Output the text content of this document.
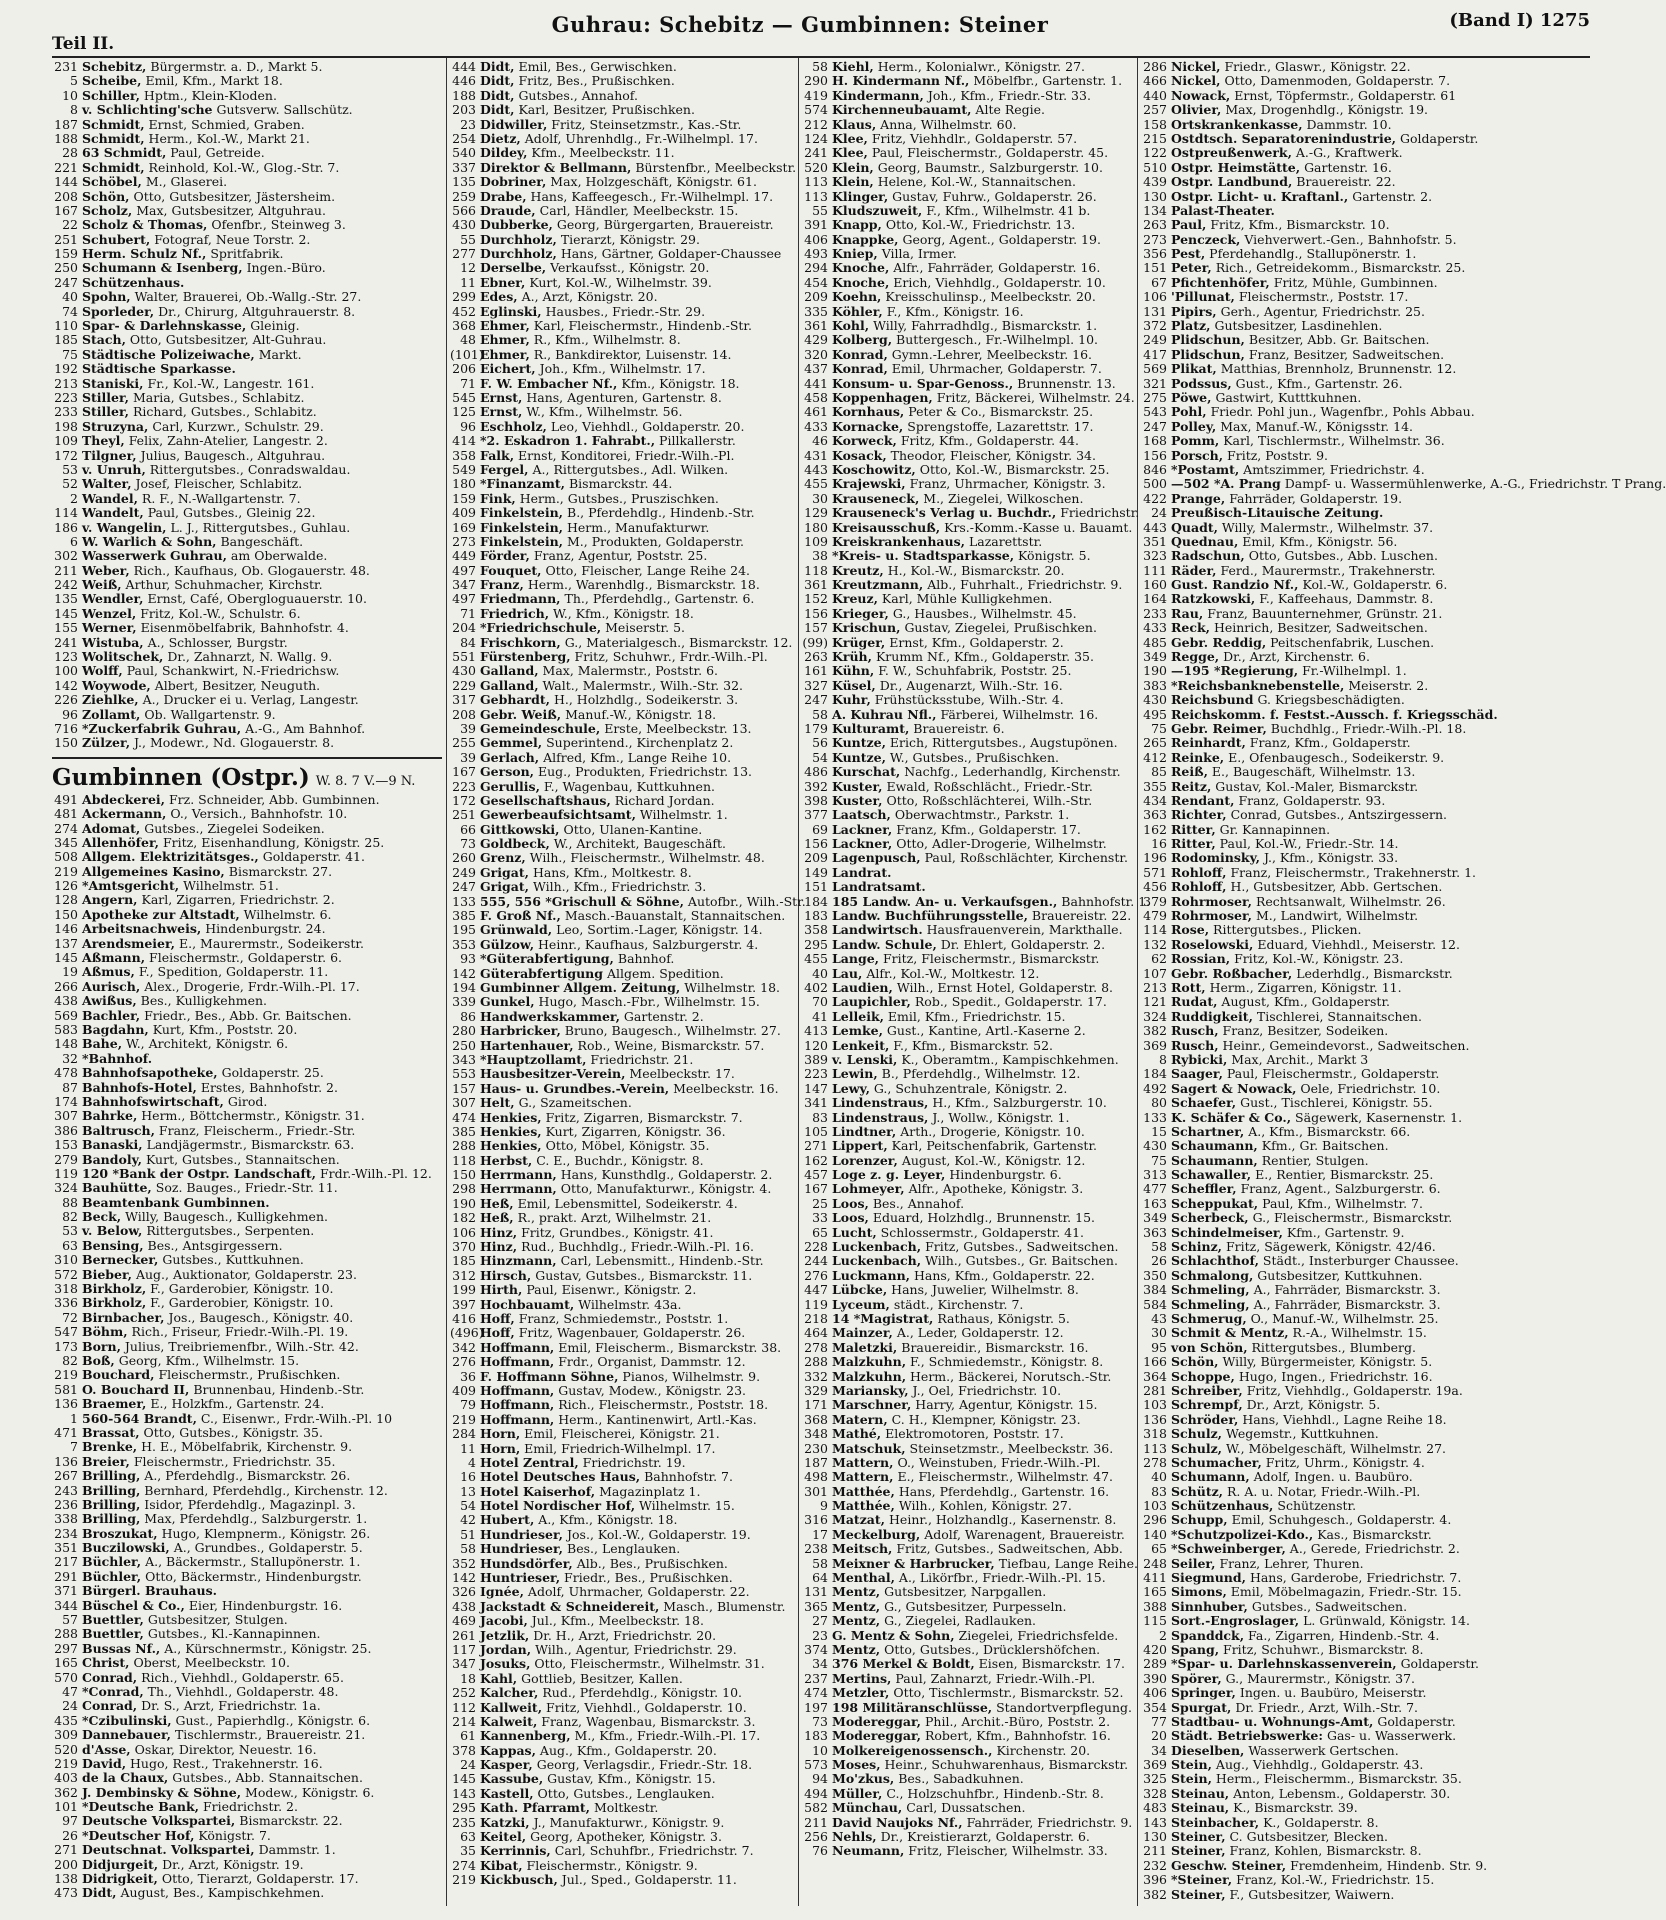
Teil II.
Guhrau: Schebitz — Gumbinnen: Steiner	(Band I) 1275
231 Schebitz, Bürgermstr. a. D., Markt 5.
5 Scheibe, Emil, Kfm., Markt 18.
10 Schiller, Hptm., Klein-Kloden.
8 v. Schlichting'sche Gutsverw. Sallschütz.
187 Schmidt, Ernst, Schmied, Graben.
188 Schmidt, Herm., Kol.-W., Markt 21.
28 63 Schmidt, Paul, Getreide.
221 Schmidt, Reinhold, Kol.-W., Glog.-Str. 7.
144 Schöbel, M., Glaserei.
208 Schön, Otto, Gutsbesitzer, Jästersheim.
167 Scholz, Max, Gutsbesitzer, Altguhrau.
22 Scholz & Thomas, Ofenfbr., Steinweg 3.
251 Schubert, Fotograf, Neue Torstr. 2.
159 Herm. Schulz Nf., Spritfabrik.
250 Schumann & Isenberg, Ingen.-Büro.
247 Schützenhaus.
40 Spohn, Walter, Brauerei, Ob.-Wallg.-Str. 27.
74 Sporleder, Dr., Chirurg, Altguhrauerstr. 8.
110 Spar- & Darlehnskasse, Gleinig.
185 Stach, Otto, Gutsbesitzer, Alt-Guhrau.
75 Städtische Polizeiwache, Markt.
192 Städtische Sparkasse.
213 Staniski, Fr., Kol.-W., Langestr. 161.
223 Stiller, Maria, Gutsbes., Schlabitz.
233 Stiller, Richard, Gutsbes., Schlabitz.
198 Struzyna, Carl, Kurzwr., Schulstr. 29.
109 Theyl, Felix, Zahn-Atelier, Langestr. 2.
172 Tilgner, Julius, Baugesch., Altguhrau.
53 v. Unruh, Rittergutsbes., Conradswaldau.
52 Walter, Josef, Fleischer, Schlabitz.
2 Wandel, R. F., N.-Wallgartenstr. 7.
114 Wandelt, Paul, Gutsbes., Gleinig 22.
186 v. Wangelin, L. J., Rittergutsbes., Guhlau.
6 W. Warlich & Sohn, Bangeschäft.
302 Wasserwerk Guhrau, am Oberwalde.
211 Weber, Rich., Kaufhaus, Ob. Glogauerstr. 48.
242 Weiß, Arthur, Schuhmacher, Kirchstr.
135 Wendler, Ernst, Café, Obergloguauerstr. 10.
145 Wenzel, Fritz, Kol.-W., Schulstr. 6.
155 Werner, Eisenmöbelfabrik, Bahnhofstr. 4.
241 Wistuba, A., Schlosser, Burgstr.
123 Wolitschek, Dr., Zahnarzt, N. Wallg. 9.
100 Wolff, Paul, Schankwirt, N.-Friedrichsw.
142 Woywode, Albert, Besitzer, Neuguth.
226 Ziehlke, A., Drucker ei u. Verlag, Langestr.
96 Zollamt, Ob. Wallgartenstr. 9.
716 *Zuckerfabrik Guhrau, A.-G., Am Bahnhof.
150 Zülzer, J., Modewr., Nd. Glogauerstr. 8.
Gumbinnen (Ostpr.) W. 8. 7 V.—9 N.
491 Abdeckerei, Frz. Schneider, Abb. Gumbinnen.
481 Ackermann, O., Versich., Bahnhofstr. 10.
274 Adomat, Gutsbes., Ziegelei Sodeiken.
345 Allenhöfer, Fritz, Eisenhandlung, Königstr. 25.
508 Allgem. Elektrizitätsges., Goldaperstr. 41.
219 Allgemeines Kasino, Bismarckstr. 27.
126 *Amtsgericht, Wilhelmstr. 51.
128 Angern, Karl, Zigarren, Friedrichstr. 2.
150 Apotheke zur Altstadt, Wilhelmstr. 6.
146 Arbeitsnachweis, Hindenburgstr. 24.
137 Arendsmeier, E., Maurermstr., Sodeikerstr.
145 Aßmann, Fleischermstr., Goldaperstr. 6.
19 Aßmus, F., Spedition, Goldaperstr. 11.
266 Aurisch, Alex., Drogerie, Frdr.-Wilh.-Pl. 17.
438 Awißus, Bes., Kulligkehmen.
569 Bachler, Friedr., Bes., Abb. Gr. Baitschen.
583 Bagdahn, Kurt, Kfm., Poststr. 20.
148 Bahe, W., Architekt, Königstr. 6.
32 *Bahnhof.
478 Bahnhofsapotheke, Goldaperstr. 25.
87 Bahnhofs-Hotel, Erstes, Bahnhofstr. 2.
174 Bahnhofswirtschaft, Girod.
307 Bahrke, Herm., Böttchermstr., Königstr. 31.
386 Baltrusch, Franz, Fleischerm., Friedr.-Str.
153 Banaski, Landjägermstr., Bismarckstr. 63.
279 Bandoly, Kurt, Gutsbes., Stannaitschen.
119 120 *Bank der Ostpr. Landschaft, Frdr.-Wilh.-Pl. 12.
324 Bauhütte, Soz. Bauges., Friedr.-Str. 11.
88 Beamtenbank Gumbinnen.
82 Beck, Willy, Baugesch., Kulligkehmen.
53 v. Below, Rittergutsbes., Serpenten.
63 Bensing, Bes., Antsgirgessern.
310 Bernecker, Gutsbes., Kuttkuhnen.
572 Bieber, Aug., Auktionator, Goldaperstr. 23.
318 Birkholz, F., Garderobier, Königstr. 10.
336 Birkholz, F., Garderobier, Königstr. 10.
72 Birnbacher, Jos., Baugesch., Königstr. 40.
547 Böhm, Rich., Friseur, Friedr.-Wilh.-Pl. 19.
173 Born, Julius, Treibriemenfbr., Wilh.-Str. 42.
82 Boß, Georg, Kfm., Wilhelmstr. 15.
219 Bouchard, Fleischermstr., Prußischken.
581 O. Bouchard II, Brunnenbau, Hindenb.-Str.
136 Braemer, E., Holzkfm., Gartenstr. 24.
1 560-564 Brandt, C., Eisenwr., Frdr.-Wilh.-Pl. 10
471 Brassat, Otto, Gutsbes., Königstr. 35.
7 Brenke, H. E., Möbelfabrik, Kirchenstr. 9.
136 Breier, Fleischermstr., Friedrichstr. 35.
267 Brilling, A., Pferdehdlg., Bismarckstr. 26.
243 Brilling, Bernhard, Pferdehdlg., Kirchenstr. 12.
236 Brilling, Isidor, Pferdehdlg., Magazinpl. 3.
338 Brilling, Max, Pferdehdlg., Salzburgerstr. 1.
234 Broszukat, Hugo, Klempnerm., Königstr. 26.
351 Buczilowski, A., Grundbes., Goldaperstr. 5.
217 Büchler, A., Bäckermstr., Stallupönerstr. 1.
291 Büchler, Otto, Bäckermstr., Hindenburgstr.
371 Bürgerl. Brauhaus.
344 Büschel & Co., Eier, Hindenburgstr. 16.
57 Buettler, Gutsbesitzer, Stulgen.
288 Buettler, Gutsbes., Kl.-Kannapinnen.
297 Bussas Nf., A., Kürschnermstr., Königstr. 25.
165 Christ, Oberst, Meelbeckstr. 10.
570 Conrad, Rich., Viehhdl., Goldaperstr. 65.
47 *Conrad, Th., Viehhdl., Goldaperstr. 48.
24 Conrad, Dr. S., Arzt, Friedrichstr. 1a.
435 *Czibulinski, Gust., Papierhdlg., Königstr. 6.
309 Dannebauer, Tischlermstr., Brauereistr. 21.
520 d'Asse, Oskar, Direktor, Neuestr. 16.
219 David, Hugo, Rest., Trakehnerstr. 16.
403 de la Chaux, Gutsbes., Abb. Stannaitschen.
362 J. Dembinsky & Söhne, Modew., Königstr. 6.
101 *Deutsche Bank, Friedrichstr. 2.
97 Deutsche Volkspartei, Bismarckstr. 22.
26 *Deutscher Hof, Königstr. 7.
271 Deutschnat. Volkspartei, Dammstr. 1.
200 Didjurgeit, Dr., Arzt, Königstr. 19.
138 Didrigkeit, Otto, Tierarzt, Goldaperstr. 17.
473 Didt, August, Bes., Kampischkehmen.
444 Didt, Emil, Bes., Gerwischken.
446 Didt, Fritz, Bes., Prußischken.
188 Didt, Gutsbes., Annahof.
203 Didt, Karl, Besitzer, Prußischken.
23 Didwiller, Fritz, Steinsetzmstr., Kas.-Str.
254 Dietz, Adolf, Uhrenhdlg., Fr.-Wilhelmpl. 17.
540 Dildey, Kfm., Meelbeckstr. 11.
337 Direktor & Bellmann, Bürstenfbr., Meelbeckstr.
135 Dobriner, Max, Holzgeschäft, Königstr. 61.
259 Drabe, Hans, Kaffeegesch., Fr.-Wilhelmpl. 17.
566 Draude, Carl, Händler, Meelbeckstr. 15.
430 Dubberke, Georg, Bürgergarten, Brauereistr.
55 Durchholz, Tierarzt, Königstr. 29.
277 Durchholz, Hans, Gärtner, Goldaper-Chaussee
12 Derselbe, Verkaufsst., Königstr. 20.
11 Ebner, Kurt, Kol.-W., Wilhelmstr. 39.
299 Edes, A., Arzt, Königstr. 20.
452 Eglinski, Hausbes., Friedr.-Str. 29.
368 Ehmer, Karl, Fleischermstr., Hindenb.-Str.
48 Ehmer, R., Kfm., Wilhelmstr. 8.
(101)Ehmer, R., Bankdirektor, Luisenstr. 14.
206 Eichert, Joh., Kfm., Wilhelmstr. 17.
71 F. W. Embacher Nf., Kfm., Königstr. 18.
545 Ernst, Hans, Agenturen, Gartenstr. 8.
125 Ernst, W., Kfm., Wilhelmstr. 56.
96 Eschholz, Leo, Viehhdl., Goldaperstr. 20.
414 *2. Eskadron 1. Fahrabt., Pillkallerstr.
358 Falk, Ernst, Konditorei, Friedr.-Wilh.-Pl.
549 Fergel, A., Rittergutsbes., Adl. Wilken.
180 *Finanzamt, Bismarckstr. 44.
159 Fink, Herm., Gutsbes., Pruszischken.
409 Finkelstein, B., Pferdehdlg., Hindenb.-Str.
169 Finkelstein, Herm., Manufakturwr.
273 Finkelstein, M., Produkten, Goldaperstr.
449 Förder, Franz, Agentur, Poststr. 25.
497 Fouquet, Otto, Fleischer, Lange Reihe 24.
347 Franz, Herm., Warenhdlg., Bismarckstr. 18.
497 Friedmann, Th., Pferdehdlg., Gartenstr. 6.
71 Friedrich, W., Kfm., Königstr. 18.
204 *Friedrichschule, Meiserstr. 5.
84 Frischkorn, G., Materialgesch., Bismarckstr. 12.
551 Fürstenberg, Fritz, Schuhwr., Frdr.-Wilh.-Pl.
430 Galland, Max, Malermstr., Poststr. 6.
229 Galland, Walt., Malermstr., Wilh.-Str. 32.
317 Gebhardt, H., Holzhdlg., Sodeikerstr. 3.
208 Gebr. Weiß, Manuf.-W., Königstr. 18.
39 Gemeindeschule, Erste, Meelbeckstr. 13.
255 Gemmel, Superintend., Kirchenplatz 2.
39 Gerlach, Alfred, Kfm., Lange Reihe 10.
167 Gerson, Eug., Produkten, Friedrichstr. 13.
223 Gerullis, F., Wagenbau, Kuttkuhnen.
172 Gesellschaftshaus, Richard Jordan.
251 Gewerbeaufsichtsamt, Wilhelmstr. 1.
66 Gittkowski, Otto, Ulanen-Kantine.
73 Goldbeck, W., Architekt, Baugeschäft.
260 Grenz, Wilh., Fleischermstr., Wilhelmstr. 48.
249 Grigat, Hans, Kfm., Moltkestr. 8.
247 Grigat, Wilh., Kfm., Friedrichstr. 3.
133 555, 556 *Grischull & Söhne, Autofbr., Wilh.-Str.
385 F. Groß Nf., Masch.-Bauanstalt, Stannaitschen.
195 Grünwald, Leo, Sortim.-Lager, Königstr. 14.
353 Gülzow, Heinr., Kaufhaus, Salzburgerstr. 4.
93 *Güterabfertigung, Bahnhof.
142 Güterabfertigung Allgem. Spedition.
194 Gumbinner Allgem. Zeitung, Wilhelmstr. 18.
339 Gunkel, Hugo, Masch.-Fbr., Wilhelmstr. 15.
86 Handwerkskammer, Gartenstr. 2.
280 Harbricker, Bruno, Baugesch., Wilhelmstr. 27.
250 Hartenhauer, Rob., Weine, Bismarckstr. 57.
343 *Hauptzollamt, Friedrichstr. 21.
553 Hausbesitzer-Verein, Meelbeckstr. 17.
157 Haus- u. Grundbes.-Verein, Meelbeckstr. 16.
307 Helt, G., Szameitschen.
474 Henkies, Fritz, Zigarren, Bismarckstr. 7.
385 Henkies, Kurt, Zigarren, Königstr. 36.
288 Henkies, Otto, Möbel, Königstr. 35.
118 Herbst, C. E., Buchdr., Königstr. 8.
150 Herrmann, Hans, Kunsthdlg., Goldaperstr. 2.
298 Herrmann, Otto, Manufakturwr., Königstr. 4.
190 Heß, Emil, Lebensmittel, Sodeikerstr. 4.
182 Heß, R., prakt. Arzt, Wilhelmstr. 21.
106 Hinz, Fritz, Grundbes., Königstr. 41.
370 Hinz, Rud., Buchhdlg., Friedr.-Wilh.-Pl. 16.
185 Hinzmann, Carl, Lebensmitt., Hindenb.-Str.
312 Hirsch, Gustav, Gutsbes., Bismarckstr. 11.
199 Hirth, Paul, Eisenwr., Königstr. 2.
397 Hochbauamt, Wilhelmstr. 43a.
416 Hoff, Franz, Schmiedemstr., Poststr. 1.
(496)Hoff, Fritz, Wagenbauer, Goldaperstr. 26.
342 Hoffmann, Emil, Fleischerm., Bismarckstr. 38.
276 Hoffmann, Frdr., Organist, Dammstr. 12.
36 F. Hoffmann Söhne, Pianos, Wilhelmstr. 9.
409 Hoffmann, Gustav, Modew., Königstr. 23.
79 Hoffmann, Rich., Fleischermstr., Poststr. 18.
219 Hoffmann, Herm., Kantinenwirt, Artl.-Kas.
284 Horn, Emil, Fleischerei, Königstr. 21.
11 Horn, Emil, Friedrich-Wilhelmpl. 17.
4 Hotel Zentral, Friedrichstr. 19.
16 Hotel Deutsches Haus, Bahnhofstr. 7.
13 Hotel Kaiserhof, Magazinplatz 1.
54 Hotel Nordischer Hof, Wilhelmstr. 15.
42 Hubert, A., Kfm., Königstr. 18.
51 Hundrieser, Jos., Kol.-W., Goldaperstr. 19.
58 Hundrieser, Bes., Lenglauken.
352 Hundsdörfer, Alb., Bes., Prußischken.
142 Huntrieser, Friedr., Bes., Prußischken.
326 Ignée, Adolf, Uhrmacher, Goldaperstr. 22.
438 Jackstadt & Schneidereit, Masch., Blumenstr.
469 Jacobi, Jul., Kfm., Meelbeckstr. 18.
261 Jetzlik, Dr. H., Arzt, Friedrichstr. 20.
117 Jordan, Wilh., Agentur, Friedrichstr. 29.
347 Josuks, Otto, Fleischermstr., Wilhelmstr. 31.
18 Kahl, Gottlieb, Besitzer, Kallen.
252 Kalcher, Rud., Pferdehdlg., Königstr. 10.
112 Kallweit, Fritz, Viehhdl., Goldaperstr. 10.
214 Kalweit, Franz, Wagenbau, Bismarckstr. 3.
61 Kannenberg, M., Kfm., Friedr.-Wilh.-Pl. 17.
378 Kappas, Aug., Kfm., Goldaperstr. 20.
24 Kasper, Georg, Verlagsdir., Friedr.-Str. 18.
145 Kassube, Gustav, Kfm., Königstr. 15.
143 Kastell, Otto, Gutsbes., Lenglauken.
295 Kath. Pfarramt, Moltkestr.
235 Katzki, J., Manufakturwr., Königstr. 9.
63 Keitel, Georg, Apotheker, Königstr. 3.
35 Kerrinnis, Carl, Schuhfbr., Friedrichstr. 7.
274 Kibat, Fleischermstr., Königstr. 9.
219 Kickbusch, Jul., Sped., Goldaperstr. 11.
58 Kiehl, Herm., Kolonialwr., Königstr. 27.
290 H. Kindermann Nf., Möbelfbr., Gartenstr. 1.
419 Kindermann, Joh., Kfm., Friedr.-Str. 33.
574 Kirchenneubauamt, Alte Regie.
212 Klaus, Anna, Wilhelmstr. 60.
124 Klee, Fritz, Viehhdlr., Goldaperstr. 57.
241 Klee, Paul, Fleischermstr., Goldaperstr. 45.
520 Klein, Georg, Baumstr., Salzburgerstr. 10.
113 Klein, Helene, Kol.-W., Stannaitschen.
113 Klinger, Gustav, Fuhrw., Goldaperstr. 26.
55 Kludszuweit, F., Kfm., Wilhelmstr. 41 b.
391 Knapp, Otto, Kol.-W., Friedrichstr. 13.
406 Knappke, Georg, Agent., Goldaperstr. 19.
493 Kniep, Villa, Irmer.
294 Knoche, Alfr., Fahrräder, Goldaperstr. 16.
454 Knoche, Erich, Viehhdlg., Goldaperstr. 10.
209 Koehn, Kreisschulinsp., Meelbeckstr. 20.
335 Köhler, F., Kfm., Königstr. 16.
361 Kohl, Willy, Fahrradhdlg., Bismarckstr. 1.
429 Kolberg, Buttergesch., Fr.-Wilhelmpl. 10.
320 Konrad, Gymn.-Lehrer, Meelbeckstr. 16.
437 Konrad, Emil, Uhrmacher, Goldaperstr. 7.
441 Konsum- u. Spar-Genoss., Brunnenstr. 13.
458 Koppenhagen, Fritz, Bäckerei, Wilhelmstr. 24.
461 Kornhaus, Peter & Co., Bismarckstr. 25.
433 Kornacke, Sprengstoffe, Lazarettstr. 17.
46 Korweck, Fritz, Kfm., Goldaperstr. 44.
431 Kosack, Theodor, Fleischer, Königstr. 34.
443 Koschowitz, Otto, Kol.-W., Bismarckstr. 25.
455 Krajewski, Franz, Uhrmacher, Königstr. 3.
30 Krauseneck, M., Ziegelei, Wilkoschen.
129 Krauseneck's Verlag u. Buchdr., Friedrichstr.
180 Kreisausschuß, Krs.-Komm.-Kasse u. Bauamt.
109 Kreiskrankenhaus, Lazarettstr.
38 *Kreis- u. Stadtsparkasse, Königstr. 5.
118 Kreutz, H., Kol.-W., Bismarckstr. 20.
361 Kreutzmann, Alb., Fuhrhalt., Friedrichstr. 9.
152 Kreuz, Karl, Mühle Kulligkehmen.
156 Krieger, G., Hausbes., Wilhelmstr. 45.
157 Krischun, Gustav, Ziegelei, Prußischken.
(99) Krüger, Ernst, Kfm., Goldaperstr. 2.
263 Krüh, Krumm Nf., Kfm., Goldaperstr. 35.
161 Kühn, F. W., Schuhfabrik, Poststr. 25.
327 Küsel, Dr., Augenarzt, Wilh.-Str. 16.
247 Kuhr, Frühstücksstube, Wilh.-Str. 4.
58 A. Kuhrau Nfl., Färberei, Wilhelmstr. 16.
179 Kulturamt, Brauereistr. 6.
56 Kuntze, Erich, Rittergutsbes., Augstupönen.
54 Kuntze, W., Gutsbes., Prußischken.
486 Kurschat, Nachfg., Lederhandlg, Kirchenstr.
392 Kuster, Ewald, Roßschlächt., Friedr.-Str.
398 Kuster, Otto, Roßschlächterei, Wilh.-Str.
377 Laatsch, Oberwachtmstr., Parkstr. 1.
69 Lackner, Franz, Kfm., Goldaperstr. 17.
156 Lackner, Otto, Adler-Drogerie, Wilhelmstr.
209 Lagenpusch, Paul, Roßschlächter, Kirchenstr.
149 Landrat.
151 Landratsamt.
184 185 Landw. An- u. Verkaufsgen., Bahnhofstr. 1.
183 Landw. Buchführungsstelle, Brauereistr. 22.
358 Landwirtsch. Hausfrauenverein, Markthalle.
295 Landw. Schule, Dr. Ehlert, Goldaperstr. 2.
455 Lange, Fritz, Fleischermstr., Bismarckstr.
40 Lau, Alfr., Kol.-W., Moltkestr. 12.
402 Laudien, Wilh., Ernst Hotel, Goldaperstr. 8.
70 Laupichler, Rob., Spedit., Goldaperstr. 17.
41 Lelleik, Emil, Kfm., Friedrichstr. 15.
413 Lemke, Gust., Kantine, Artl.-Kaserne 2.
120 Lenkeit, F., Kfm., Bismarckstr. 52.
389 v. Lenski, K., Oberamtm., Kampischkehmen.
223 Lewin, B., Pferdehdlg., Wilhelmstr. 12.
147 Lewy, G., Schuhzentrale, Königstr. 2.
341 Lindenstraus, H., Kfm., Salzburgerstr. 10.
83 Lindenstraus, J., Wollw., Königstr. 1.
105 Lindtner, Arth., Drogerie, Königstr. 10.
271 Lippert, Karl, Peitschenfabrik, Gartenstr.
162 Lorenzer, August, Kol.-W., Königstr. 12.
457 Loge z. g. Leyer, Hindenburgstr. 6.
167 Lohmeyer, Alfr., Apotheke, Königstr. 3.
25 Loos, Bes., Annahof.
33 Loos, Eduard, Holzhdlg., Brunnenstr. 15.
65 Lucht, Schlossermstr., Goldaperstr. 41.
228 Luckenbach, Fritz, Gutsbes., Sadweitschen.
244 Luckenbach, Wilh., Gutsbes., Gr. Baitschen.
276 Luckmann, Hans, Kfm., Goldaperstr. 22.
447 Lübcke, Hans, Juwelier, Wilhelmstr. 8.
119 Lyceum, städt., Kirchenstr. 7.
218 14 *Magistrat, Rathaus, Königstr. 5.
464 Mainzer, A., Leder, Goldaperstr. 12.
278 Maletzki, Brauereidir., Bismarckstr. 16.
288 Malzkuhn, F., Schmiedemstr., Königstr. 8.
332 Malzkuhn, Herm., Bäckerei, Norutsch.-Str.
329 Mariansky, J., Oel, Friedrichstr. 10.
171 Marschner, Harry, Agentur, Königstr. 15.
368 Matern, C. H., Klempner, Königstr. 23.
348 Mathé, Elektromotoren, Poststr. 17.
230 Matschuk, Steinsetzmstr., Meelbeckstr. 36.
187 Mattern, O., Weinstuben, Friedr.-Wilh.-Pl.
498 Mattern, E., Fleischermstr., Wilhelmstr. 47.
301 Matthée, Hans, Pferdehdlg., Gartenstr. 16.
9 Matthée, Wilh., Kohlen, Königstr. 27.
316 Matzat, Heinr., Holzhandlg., Kasernenstr. 8.
17 Meckelburg, Adolf, Warenagent, Brauereistr.
238 Meitsch, Fritz, Gutsbes., Sadweitschen, Abb.
58 Meixner & Harbrucker, Tiefbau, Lange Reihe.
64 Menthal, A., Likörfbr., Friedr.-Wilh.-Pl. 15.
131 Mentz, Gutsbesitzer, Narpgallen.
365 Mentz, G., Gutsbesitzer, Purpesseln.
27 Mentz, G., Ziegelei, Radlauken.
23 G. Mentz & Sohn, Ziegelei, Friedrichsfelde.
374 Mentz, Otto, Gutsbes., Drücklershöfchen.
34 376 Merkel & Boldt, Eisen, Bismarckstr. 17.
237 Mertins, Paul, Zahnarzt, Friedr.-Wilh.-Pl.
474 Metzler, Otto, Tischlermstr., Bismarckstr. 52.
197 198 Militäranschlüsse, Standortverpflegung.
73 Modereggar, Phil., Archit.-Büro, Poststr. 2.
183 Modereggar, Robert, Kfm., Bahnhofstr. 16.
10 Molkereigenossensch., Kirchenstr. 20.
573 Moses, Heinr., Schuhwarenhaus, Bismarckstr.
94 Mo'zkus, Bes., Sabadkuhnen.
494 Müller, C., Holzschuhfbr., Hindenb.-Str. 8.
582 Münchau, Carl, Dussatschen.
211 David Naujoks Nf., Fahrräder, Friedrichstr. 9.
256 Nehls, Dr., Kreistierarzt, Goldaperstr. 6.
76 Neumann, Fritz, Fleischer, Wilhelmstr. 33.
286 Nickel, Friedr., Glaswr., Königstr. 22.
466 Nickel, Otto, Damenmoden, Goldaperstr. 7.
440 Nowack, Ernst, Töpfermstr., Goldaperstr. 61
257 Olivier, Max, Drogenhdlg., Königstr. 19.
158 Ortskrankenkasse, Dammstr. 10.
215 Ostdtsch. Separatorenindustrie, Goldaperstr.
122 Ostpreußenwerk, A.-G., Kraftwerk.
510 Ostpr. Heimstätte, Gartenstr. 16.
439 Ostpr. Landbund, Brauereistr. 22.
130 Ostpr. Licht- u. Kraftanl., Gartenstr. 2.
134 Palast-Theater.
263 Paul, Fritz, Kfm., Bismarckstr. 10.
273 Penczeck, Viehverwert.-Gen., Bahnhofstr. 5.
356 Pest, Pferdehandlg., Stallupönerstr. 1.
151 Peter, Rich., Getreidekomm., Bismarckstr. 25.
67 Pfichtenhöfer, Fritz, Mühle, Gumbinnen.
106 'Pillunat, Fleischermstr., Poststr. 17.
131 Pipirs, Gerh., Agentur, Friedrichstr. 25.
372 Platz, Gutsbesitzer, Lasdinehlen.
249 Plidschun, Besitzer, Abb. Gr. Baitschen.
417 Plidschun, Franz, Besitzer, Sadweitschen.
569 Plikat, Matthias, Brennholz, Brunnenstr. 12.
321 Podssus, Gust., Kfm., Gartenstr. 26.
275 Pöwe, Gastwirt, Kutttkuhnen.
543 Pohl, Friedr. Pohl jun., Wagenfbr., Pohls Abbau.
247 Polley, Max, Manuf.-W., Königsstr. 14.
168 Pomm, Karl, Tischlermstr., Wilhelmstr. 36.
156 Porsch, Fritz, Poststr. 9.
846 *Postamt, Amtszimmer, Friedrichstr. 4.
500 —502 *A. Prang Dampf- u. Wassermühlenwerke, A.-G., Friedrichstr. T Prang.
422 Prange, Fahrräder, Goldaperstr. 19.
24 Preußisch-Litauische Zeitung.
443 Quadt, Willy, Malermstr., Wilhelmstr. 37.
351 Quednau, Emil, Kfm., Königstr. 56.
323 Radschun, Otto, Gutsbes., Abb. Luschen.
111 Räder, Ferd., Maurermstr., Trakehnerstr.
160 Gust. Randzio Nf., Kol.-W., Goldaperstr. 6.
164 Ratzkowski, F., Kaffeehaus, Dammstr. 8.
233 Rau, Franz, Bauunternehmer, Grünstr. 21.
433 Reck, Heinrich, Besitzer, Sadweitschen.
485 Gebr. Reddig, Peitschenfabrik, Luschen.
349 Regge, Dr., Arzt, Kirchenstr. 6.
190 —195 *Regierung, Fr.-Wilhelmpl. 1.
383 *Reichsbanknebenstelle, Meiserstr. 2.
430 Reichsbund G. Kriegsbeschädigten.
495 Reichskomm. f. Festst.-Aussch. f. Kriegsschäd.
75 Gebr. Reimer, Buchdhlg., Friedr.-Wilh.-Pl. 18.
265 Reinhardt, Franz, Kfm., Goldaperstr.
412 Reinke, E., Ofenbaugesch., Sodeikerstr. 9.
85 Reiß, E., Baugeschäft, Wilhelmstr. 13.
355 Reitz, Gustav, Kol.-Maler, Bismarckstr.
434 Rendant, Franz, Goldaperstr. 93.
363 Richter, Conrad, Gutsbes., Antszirgessern.
162 Ritter, Gr. Kannapinnen.
16 Ritter, Paul, Kol.-W., Friedr.-Str. 14.
196 Rodominsky, J., Kfm., Königstr. 33.
571 Rohloff, Franz, Fleischermstr., Trakehnerstr. 1.
456 Rohloff, H., Gutsbesitzer, Abb. Gertschen.
379 Rohrmoser, Rechtsanwalt, Wilhelmstr. 26.
479 Rohrmoser, M., Landwirt, Wilhelmstr.
114 Rose, Rittergutsbes., Plicken.
132 Roselowski, Eduard, Viehhdl., Meiserstr. 12.
62 Rossian, Fritz, Kol.-W., Königstr. 23.
107 Gebr. Roßbacher, Lederhdlg., Bismarckstr.
213 Rott, Herm., Zigarren, Königstr. 11.
121 Rudat, August, Kfm., Goldaperstr.
324 Ruddigkeit, Tischlerei, Stannaitschen.
382 Rusch, Franz, Besitzer, Sodeiken.
369 Rusch, Heinr., Gemeindevorst., Sadweitschen.
8 Rybicki, Max, Archit., Markt 3
184 Saager, Paul, Fleischermstr., Goldaperstr.
492 Sagert & Nowack, Oele, Friedrichstr. 10.
80 Schaefer, Gust., Tischlerei, Königstr. 55.
133 K. Schäfer & Co., Sägewerk, Kasernenstr. 1.
15 Schartner, A., Kfm., Bismarckstr. 66.
430 Schaumann, Kfm., Gr. Baitschen.
75 Schaumann, Rentier, Stulgen.
313 Schawaller, E., Rentier, Bismarckstr. 25.
477 Scheffler, Franz, Agent., Salzburgerstr. 6.
163 Scheppukat, Paul, Kfm., Wilhelmstr. 7.
349 Scherbeck, G., Fleischermstr., Bismarckstr.
363 Schindelmeiser, Kfm., Gartenstr. 9.
58 Schinz, Fritz, Sägewerk, Königstr. 42/46.
26 Schlachthof, Städt., Insterburger Chaussee.
350 Schmalong, Gutsbesitzer, Kuttkuhnen.
384 Schmeling, A., Fahrräder, Bismarckstr. 3.
584 Schmeling, A., Fahrräder, Bismarckstr. 3.
43 Schmerug, O., Manuf.-W., Wilhelmstr. 25.
30 Schmit & Mentz, R.-A., Wilhelmstr. 15.
95 von Schön, Rittergutsbes., Blumberg.
166 Schön, Willy, Bürgermeister, Königstr. 5.
364 Schoppe, Hugo, Ingen., Friedrichstr. 16.
281 Schreiber, Fritz, Viehhdlg., Goldaperstr. 19a.
103 Schrempf, Dr., Arzt, Königstr. 5.
136 Schröder, Hans, Viehhdl., Lagne Reihe 18.
318 Schulz, Wegemstr., Kuttkuhnen.
113 Schulz, W., Möbelgeschäft, Wilhelmstr. 27.
278 Schumacher, Fritz, Uhrm., Königstr. 4.
40 Schumann, Adolf, Ingen. u. Baubüro.
83 Schütz, R. A. u. Notar, Friedr.-Wilh.-Pl.
103 Schützenhaus, Schützenstr.
296 Schupp, Emil, Schuhgesch., Goldaperstr. 4.
140 *Schutzpolizei-Kdo., Kas., Bismarckstr.
65 *Schweinberger, A., Gerede, Friedrichstr. 2.
248 Seiler, Franz, Lehrer, Thuren.
411 Siegmund, Hans, Garderobe, Friedrichstr. 7.
165 Simons, Emil, Möbelmagazin, Friedr.-Str. 15.
388 Sinnhuber, Gutsbes., Sadweitschen.
115 Sort.-Engroslager, L. Grünwald, Königstr. 14.
2 Spanddck, Fa., Zigarren, Hindenb.-Str. 4.
420 Spang, Fritz, Schuhwr., Bismarckstr. 8.
289 *Spar- u. Darlehnskassenverein, Goldaperstr.
390 Spörer, G., Maurermstr., Königstr. 37.
406 Springer, Ingen. u. Baubüro, Meiserstr.
354 Spurgat, Dr. Friedr., Arzt, Wilh.-Str. 7.
77 Stadtbau- u. Wohnungs-Amt, Goldaperstr.
20 Städt. Betriebswerke: Gas- u. Wasserwerk.
34 Dieselben, Wasserwerk Gertschen.
369 Stein, Aug., Viehhdlg., Goldaperstr. 43.
325 Stein, Herm., Fleischermm., Bismarckstr. 35.
328 Steinau, Anton, Lebensm., Goldaperstr. 30.
483 Steinau, K., Bismarckstr. 39.
143 Steinbacher, K., Goldaperstr. 8.
130 Steiner, C. Gutsbesitzer, Blecken.
211 Steiner, Franz, Kohlen, Bismarckstr. 8.
232 Geschw. Steiner, Fremdenheim, Hindenb. Str. 9.
396 *Steiner, Franz, Kol.-W., Friedrichstr. 15.
382 Steiner, F., Gutsbesitzer, Waiwern.
